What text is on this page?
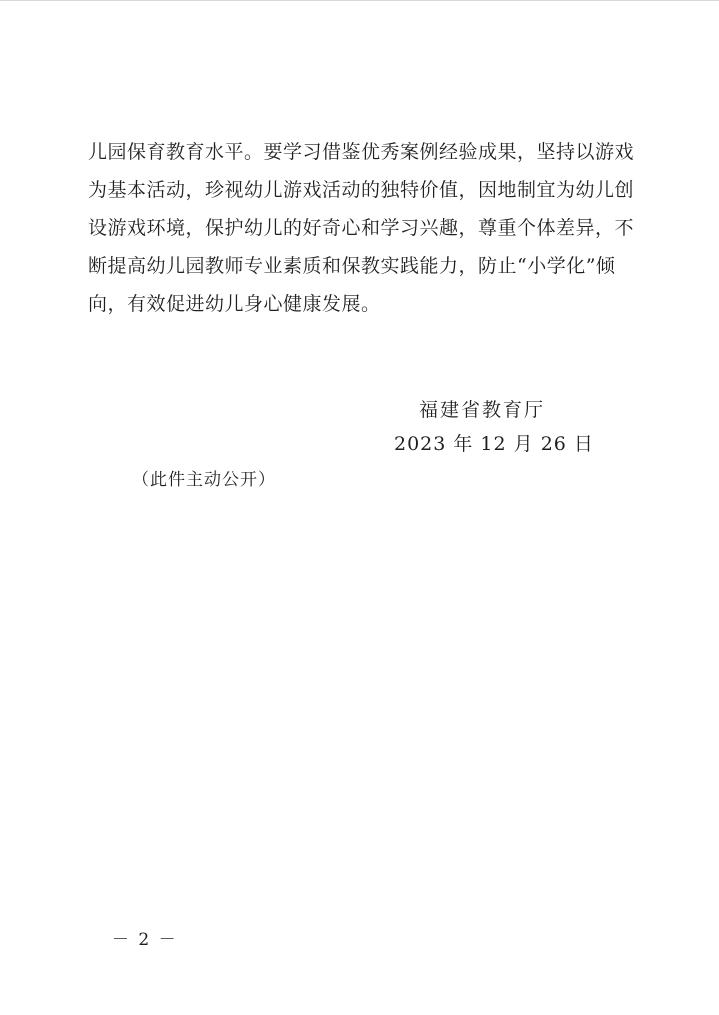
儿园保育教育水平。要学习借鉴优秀案例经验成果，坚持以游戏
为基本活动，珍视幼儿游戏活动的独特价值，因地制宜为幼儿创
设游戏环境，保护幼儿的好奇心和学习兴趣，尊重个体差异，不
断提高幼儿园教师专业素质和保教实践能力，防止“小学化”倾
向，有效促进幼儿身心健康发展。
福建省教育厅
2023 年 12 月 26 日
（此件主动公开）
－ 2 －
